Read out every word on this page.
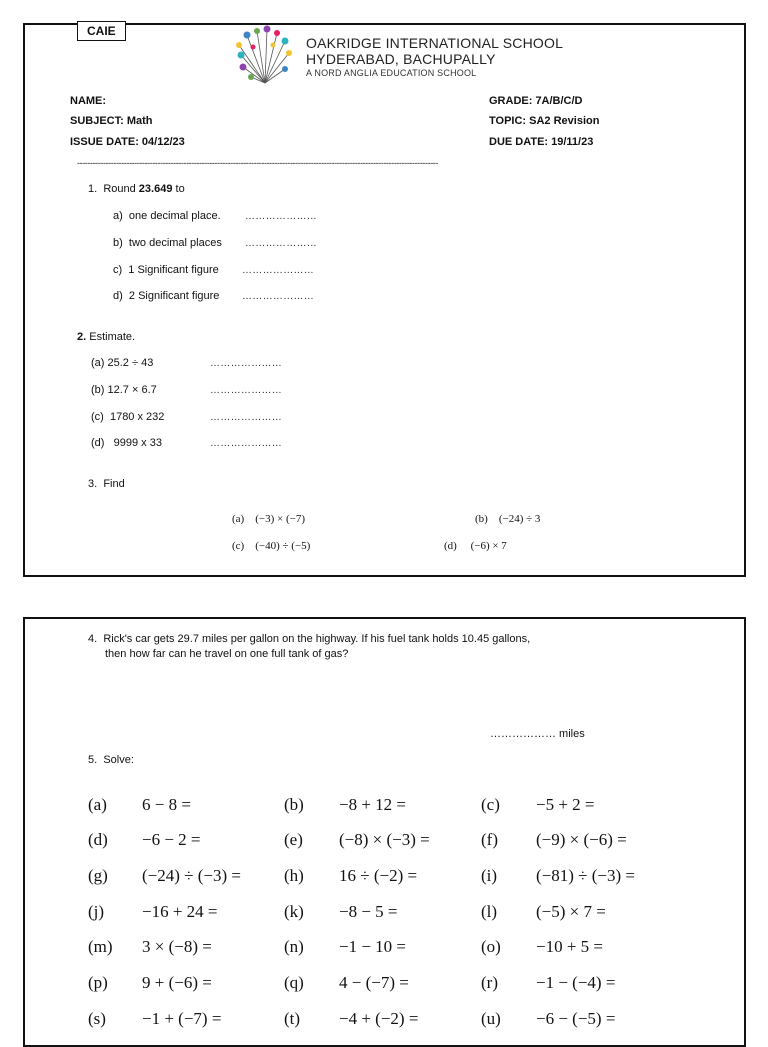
CAIE
OAKRIDGE INTERNATIONAL SCHOOL
HYDERABAD, BACHUPALLY
A NORD ANGLIA EDUCATION SCHOOL
NAME:
SUBJECT: Math
ISSUE DATE: 04/12/23
GRADE: 7A/B/C/D
TOPIC: SA2 Revision
DUE DATE: 19/11/23
-------------------------------------------------------------------------------------------------------------------------------------------
1. Round 23.649 to
a) one decimal place. …………………
b) two decimal places …………………
c) 1 Significant figure …………………
d) 2 Significant figure …………………
2. Estimate.
(a) 25.2 ÷ 43	…………………
(b) 12.7 × 6.7	…………………
(c) 1780 x 232	…………………
(d) 9999 x 33	…………………
3. Find
(a) (−3) × (−7)	(b) (−24) ÷ 3
(c) (−40) ÷ (−5)	(d) (−6) × 7
4. Rick's car gets 29.7 miles per gallon on the highway. If his fuel tank holds 10.45 gallons,
then how far can he travel on one full tank of gas?
……………… miles
5. Solve:
(a) 6 − 8 =	(b) −8 + 12 =	(c) −5 + 2 =
(d) −6 − 2 =	(e) (−8) × (−3) =	(f) (−9) × (−6) =
(g) (−24) ÷ (−3) =	(h) 16 ÷ (−2) =	(i) (−81) ÷ (−3) =
(j) −16 + 24 =	(k) −8 − 5 =	(l) (−5) × 7 =
(m) 3 × (−8) =	(n) −1 − 10 =	(o) −10 + 5 =
(p) 9 + (−6) =	(q) 4 − (−7) =	(r) −1 − (−4) =
(s) −1 + (−7) =	(t) −4 + (−2) =	(u) −6 − (−5) =
